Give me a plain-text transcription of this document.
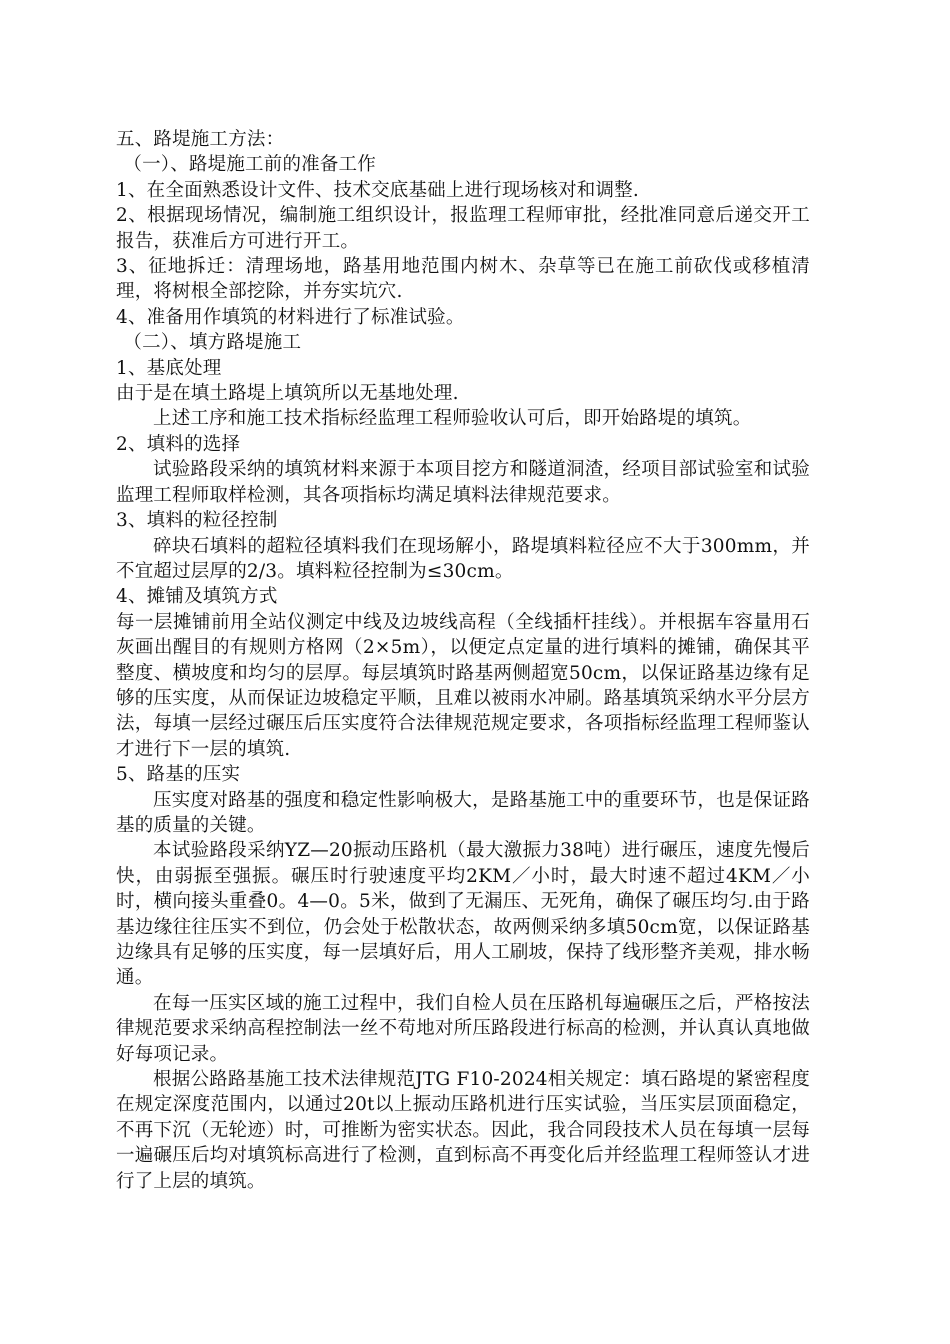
五、路堤施工方法：

（一）、路堤施工前的准备工作

1、在全面熟悉设计文件、技术交底基础上进行现场核对和调整.

2、根据现场情况，编制施工组织设计，报监理工程师审批，经批准同意后递交开工报告，获准后方可进行开工。

3、征地拆迁：清理场地，路基用地范围内树木、杂草等已在施工前砍伐或移植清理，将树根全部挖除，并夯实坑穴.

4、准备用作填筑的材料进行了标准试验。

（二）、填方路堤施工

1、基底处理

由于是在填土路堤上填筑所以无基地处理.

上述工序和施工技术指标经监理工程师验收认可后，即开始路堤的填筑。

2、填料的选择

试验路段采纳的填筑材料来源于本项目挖方和隧道洞渣，经项目部试验室和试验监理工程师取样检测，其各项指标均满足填料法律规范要求。

3、填料的粒径控制

碎块石填料的超粒径填料我们在现场解小，路堤填料粒径应不大于300mm，并不宜超过层厚的2/3。填料粒径控制为≤30cm。

4、摊铺及填筑方式

每一层摊铺前用全站仪测定中线及边坡线高程（全线插杆挂线）。并根据车容量用石灰画出醒目的有规则方格网（2×5m），以便定点定量的进行填料的摊铺，确保其平整度、横坡度和均匀的层厚。每层填筑时路基两侧超宽50cm，以保证路基边缘有足够的压实度，从而保证边坡稳定平顺，且难以被雨水冲刷。路基填筑采纳水平分层方法，每填一层经过碾压后压实度符合法律规范规定要求，各项指标经监理工程师鉴认才进行下一层的填筑.

5、路基的压实

压实度对路基的强度和稳定性影响极大，是路基施工中的重要环节，也是保证路基的质量的关键。

本试验路段采纳YZ—20振动压路机（最大激振力38吨）进行碾压，速度先慢后快，由弱振至强振。碾压时行驶速度平均2KM／小时，最大时速不超过4KM／小时，横向接头重叠0。4—0。5米，做到了无漏压、无死角，确保了碾压均匀.由于路基边缘往往压实不到位，仍会处于松散状态，故两侧采纳多填50cm宽，以保证路基边缘具有足够的压实度，每一层填好后，用人工刷坡，保持了线形整齐美观，排水畅通。

在每一压实区域的施工过程中，我们自检人员在压路机每遍碾压之后，严格按法律规范要求采纳高程控制法一丝不苟地对所压路段进行标高的检测，并认真认真地做好每项记录。

根据公路路基施工技术法律规范JTG F10-2024相关规定：填石路堤的紧密程度在规定深度范围内，以通过20t以上振动压路机进行压实试验，当压实层顶面稳定，不再下沉（无轮迹）时，可推断为密实状态。因此，我合同段技术人员在每填一层每一遍碾压后均对填筑标高进行了检测，直到标高不再变化后并经监理工程师签认才进行了上层的填筑。
